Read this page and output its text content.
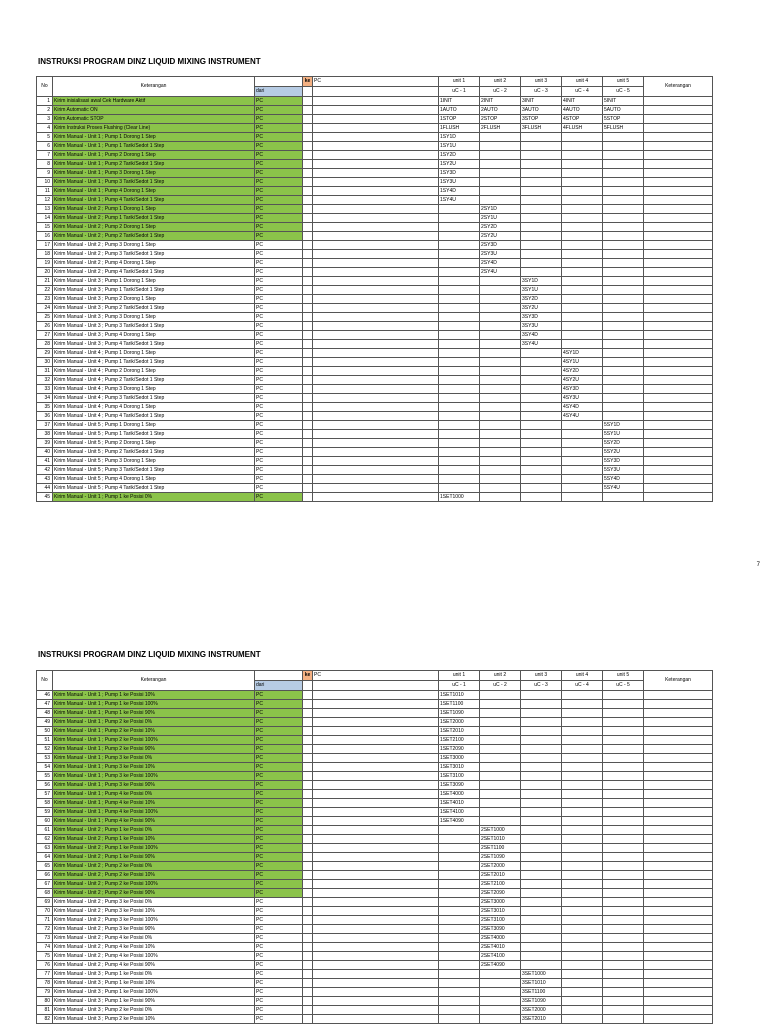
INSTRUKSI PROGRAM DINZ LIQUID MIXING INSTRUMENT
No	Keterangan		ke	PC	unit 1	unit 2	unit 3	unit 4	unit 5	Keterangan
		dari			uC - 1	uC - 2	uC - 3	uC - 4	uC - 5	
1	Kirim inisialisasi awal Cek Hardware Aktif	PC			1INIT	2INIT	3INIT	4INIT	5INIT	
2	Kirim Automatic ON	PC			1AUTO	2AUTO	3AUTO	4AUTO	5AUTO	
3	Kirim Automatic STOP	PC			1STOP	2STOP	3STOP	4STOP	5STOP	
4	Kirim Instruksi Proses Flushing (Clear Line)	PC			1FLUSH	2FLUSH	3FLUSH	4FLUSH	5FLUSH	
5	Kirim Manual - Unit 1 ; Pump 1 Dorong 1 Step	PC			1SY1D					
6	Kirim Manual - Unit 1 ; Pump 1 Tarik/Sedot 1 Step	PC			1SY1U					
7	Kirim Manual - Unit 1 ; Pump 2 Dorong 1 Step	PC			1SY2D					
8	Kirim Manual - Unit 1 ; Pump 2 Tarik/Sedot 1 Step	PC			1SY2U					
9	Kirim Manual - Unit 1 ; Pump 3 Dorong 1 Step	PC			1SY3D					
10	Kirim Manual - Unit 1 ; Pump 3 Tarik/Sedot 1 Step	PC			1SY3U					
11	Kirim Manual - Unit 1 ; Pump 4 Dorong 1 Step	PC			1SY4D					
12	Kirim Manual - Unit 1 ; Pump 4 Tarik/Sedot 1 Step	PC			1SY4U					
13	Kirim Manual - Unit 2 ; Pump 1 Dorong 1 Step	PC				2SY1D				
14	Kirim Manual - Unit 2 ; Pump 1 Tarik/Sedot 1 Step	PC				2SY1U				
15	Kirim Manual - Unit 2 ; Pump 2 Dorong 1 Step	PC				2SY2D				
16	Kirim Manual - Unit 2 ; Pump 2 Tarik/Sedot 1 Step	PC				2SY2U				
17	Kirim Manual - Unit 2 ; Pump 3 Dorong 1 Step	PC				2SY3D				
18	Kirim Manual - Unit 2 ; Pump 3 Tarik/Sedot 1 Step	PC				2SY3U				
19	Kirim Manual - Unit 2 ; Pump 4 Dorong 1 Step	PC				2SY4D				
20	Kirim Manual - Unit 2 ; Pump 4 Tarik/Sedot 1 Step	PC				2SY4U				
21	Kirim Manual - Unit 3 ; Pump 1 Dorong 1 Step	PC					3SY1D			
22	Kirim Manual - Unit 3 ; Pump 1 Tarik/Sedot 1 Step	PC					3SY1U			
23	Kirim Manual - Unit 3 ; Pump 2 Dorong 1 Step	PC					3SY2D			
24	Kirim Manual - Unit 3 ; Pump 2 Tarik/Sedot 1 Step	PC					3SY2U			
25	Kirim Manual - Unit 3 ; Pump 3 Dorong 1 Step	PC					3SY3D			
26	Kirim Manual - Unit 3 ; Pump 3 Tarik/Sedot 1 Step	PC					3SY3U			
27	Kirim Manual - Unit 3 ; Pump 4 Dorong 1 Step	PC					3SY4D			
28	Kirim Manual - Unit 3 ; Pump 4 Tarik/Sedot 1 Step	PC					3SY4U			
29	Kirim Manual - Unit 4 ; Pump 1 Dorong 1 Step	PC						4SY1D		
30	Kirim Manual - Unit 4 ; Pump 1 Tarik/Sedot 1 Step	PC						4SY1U		
31	Kirim Manual - Unit 4 ; Pump 2 Dorong 1 Step	PC						4SY2D		
32	Kirim Manual - Unit 4 ; Pump 2 Tarik/Sedot 1 Step	PC						4SY2U		
33	Kirim Manual - Unit 4 ; Pump 3 Dorong 1 Step	PC						4SY3D		
34	Kirim Manual - Unit 4 ; Pump 3 Tarik/Sedot 1 Step	PC						4SY3U		
35	Kirim Manual - Unit 4 ; Pump 4 Dorong 1 Step	PC						4SY4D		
36	Kirim Manual - Unit 4 ; Pump 4 Tarik/Sedot 1 Step	PC						4SY4U		
37	Kirim Manual - Unit 5 ; Pump 1 Dorong 1 Step	PC							5SY1D	
38	Kirim Manual - Unit 5 ; Pump 1 Tarik/Sedot 1 Step	PC							5SY1U	
39	Kirim Manual - Unit 5 ; Pump 2 Dorong 1 Step	PC							5SY2D	
40	Kirim Manual - Unit 5 ; Pump 2 Tarik/Sedot 1 Step	PC							5SY2U	
41	Kirim Manual - Unit 5 ; Pump 3 Dorong 1 Step	PC							5SY3D	
42	Kirim Manual - Unit 5 ; Pump 3 Tarik/Sedot 1 Step	PC							5SY3U	
43	Kirim Manual - Unit 5 ; Pump 4 Dorong 1 Step	PC							5SY4D	
44	Kirim Manual - Unit 5 ; Pump 4 Tarik/Sedot 1 Step	PC							5SY4U	
45	Kirim Manual - Unit 1 ; Pump 1 ke Posisi 0%	PC			1SET1000					
7
INSTRUKSI PROGRAM DINZ LIQUID MIXING INSTRUMENT
No	Keterangan		ke	PC	unit 1	unit 2	unit 3	unit 4	unit 5	Keterangan
		dari			uC - 1	uC - 2	uC - 3	uC - 4	uC - 5	
46	Kirim Manual - Unit 1 ; Pump 1 ke Posisi 10%	PC			1SET1010					
47	Kirim Manual - Unit 1 ; Pump 1 ke Posisi 100%	PC			1SET1100					
48	Kirim Manual - Unit 1 ; Pump 1 ke Posisi 90%	PC			1SET1090					
49	Kirim Manual - Unit 1 ; Pump 2 ke Posisi 0%	PC			1SET2000					
50	Kirim Manual - Unit 1 ; Pump 2 ke Posisi 10%	PC			1SET2010					
51	Kirim Manual - Unit 1 ; Pump 2 ke Posisi 100%	PC			1SET2100					
52	Kirim Manual - Unit 1 ; Pump 2 ke Posisi 90%	PC			1SET2090					
53	Kirim Manual - Unit 1 ; Pump 3 ke Posisi 0%	PC			1SET3000					
54	Kirim Manual - Unit 1 ; Pump 3 ke Posisi 10%	PC			1SET3010					
55	Kirim Manual - Unit 1 ; Pump 3 ke Posisi 100%	PC			1SET3100					
56	Kirim Manual - Unit 1 ; Pump 3 ke Posisi 90%	PC			1SET3090					
57	Kirim Manual - Unit 1 ; Pump 4 ke Posisi 0%	PC			1SET4000					
58	Kirim Manual - Unit 1 ; Pump 4 ke Posisi 10%	PC			1SET4010					
59	Kirim Manual - Unit 1 ; Pump 4 ke Posisi 100%	PC			1SET4100					
60	Kirim Manual - Unit 1 ; Pump 4 ke Posisi 90%	PC			1SET4090					
61	Kirim Manual - Unit 2 ; Pump 1 ke Posisi 0%	PC				2SET1000				
62	Kirim Manual - Unit 2 ; Pump 1 ke Posisi 10%	PC				2SET1010				
63	Kirim Manual - Unit 2 ; Pump 1 ke Posisi 100%	PC				2SET1100				
64	Kirim Manual - Unit 2 ; Pump 1 ke Posisi 90%	PC				2SET1090				
65	Kirim Manual - Unit 2 ; Pump 2 ke Posisi 0%	PC				2SET2000				
66	Kirim Manual - Unit 2 ; Pump 2 ke Posisi 10%	PC				2SET2010				
67	Kirim Manual - Unit 2 ; Pump 2 ke Posisi 100%	PC				2SET2100				
68	Kirim Manual - Unit 2 ; Pump 2 ke Posisi 90%	PC				2SET2090				
69	Kirim Manual - Unit 2 ; Pump 3 ke Posisi 0%	PC				2SET3000				
70	Kirim Manual - Unit 2 ; Pump 3 ke Posisi 10%	PC				2SET3010				
71	Kirim Manual - Unit 2 ; Pump 3 ke Posisi 100%	PC				2SET3100				
72	Kirim Manual - Unit 2 ; Pump 3 ke Posisi 90%	PC				2SET3090				
73	Kirim Manual - Unit 2 ; Pump 4 ke Posisi 0%	PC				2SET4000				
74	Kirim Manual - Unit 2 ; Pump 4 ke Posisi 10%	PC				2SET4010				
75	Kirim Manual - Unit 2 ; Pump 4 ke Posisi 100%	PC				2SET4100				
76	Kirim Manual - Unit 2 ; Pump 4 ke Posisi 90%	PC				2SET4090				
77	Kirim Manual - Unit 3 ; Pump 1 ke Posisi 0%	PC					3SET1000			
78	Kirim Manual - Unit 3 ; Pump 1 ke Posisi 10%	PC					3SET1010			
79	Kirim Manual - Unit 3 ; Pump 1 ke Posisi 100%	PC					3SET1100			
80	Kirim Manual - Unit 3 ; Pump 1 ke Posisi 90%	PC					3SET1090			
81	Kirim Manual - Unit 3 ; Pump 2 ke Posisi 0%	PC					3SET2000			
82	Kirim Manual - Unit 3 ; Pump 2 ke Posisi 10%	PC					3SET2010			
